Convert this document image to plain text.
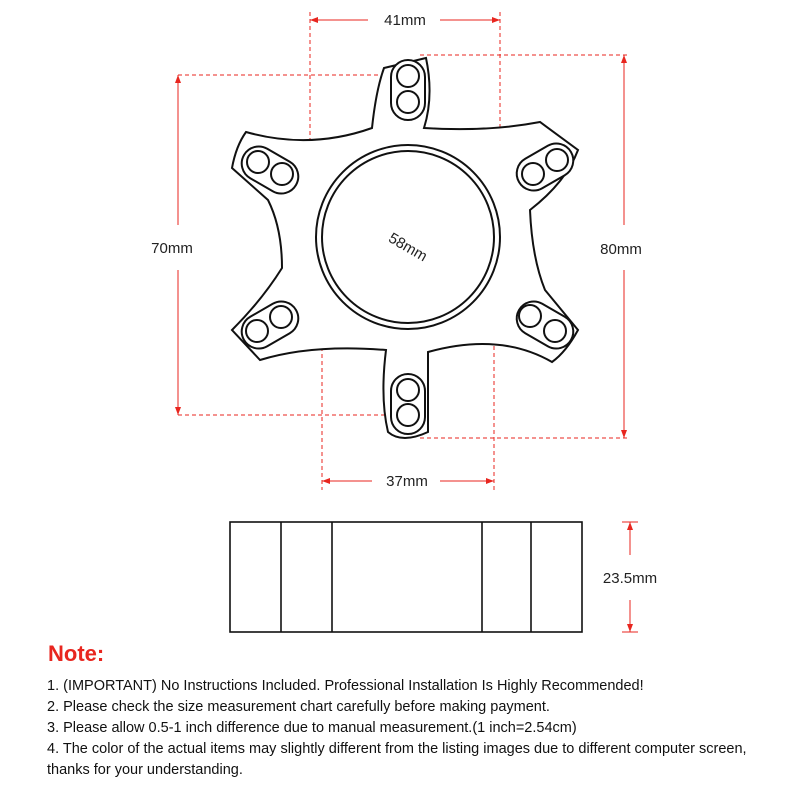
41mm
37mm
70mm	80mm
58mm
23.5mm
Note:

1. (IMPORTANT) No Instructions Included. Professional Installation Is Highly Recommended!

2. Please check the size measurement chart carefully before making payment.

3. Please allow 0.5-1 inch difference due to manual measurement.(1 inch=2.54cm)

4. The color of the actual items may slightly different from the listing images due to different computer screen, thanks for your understanding.
